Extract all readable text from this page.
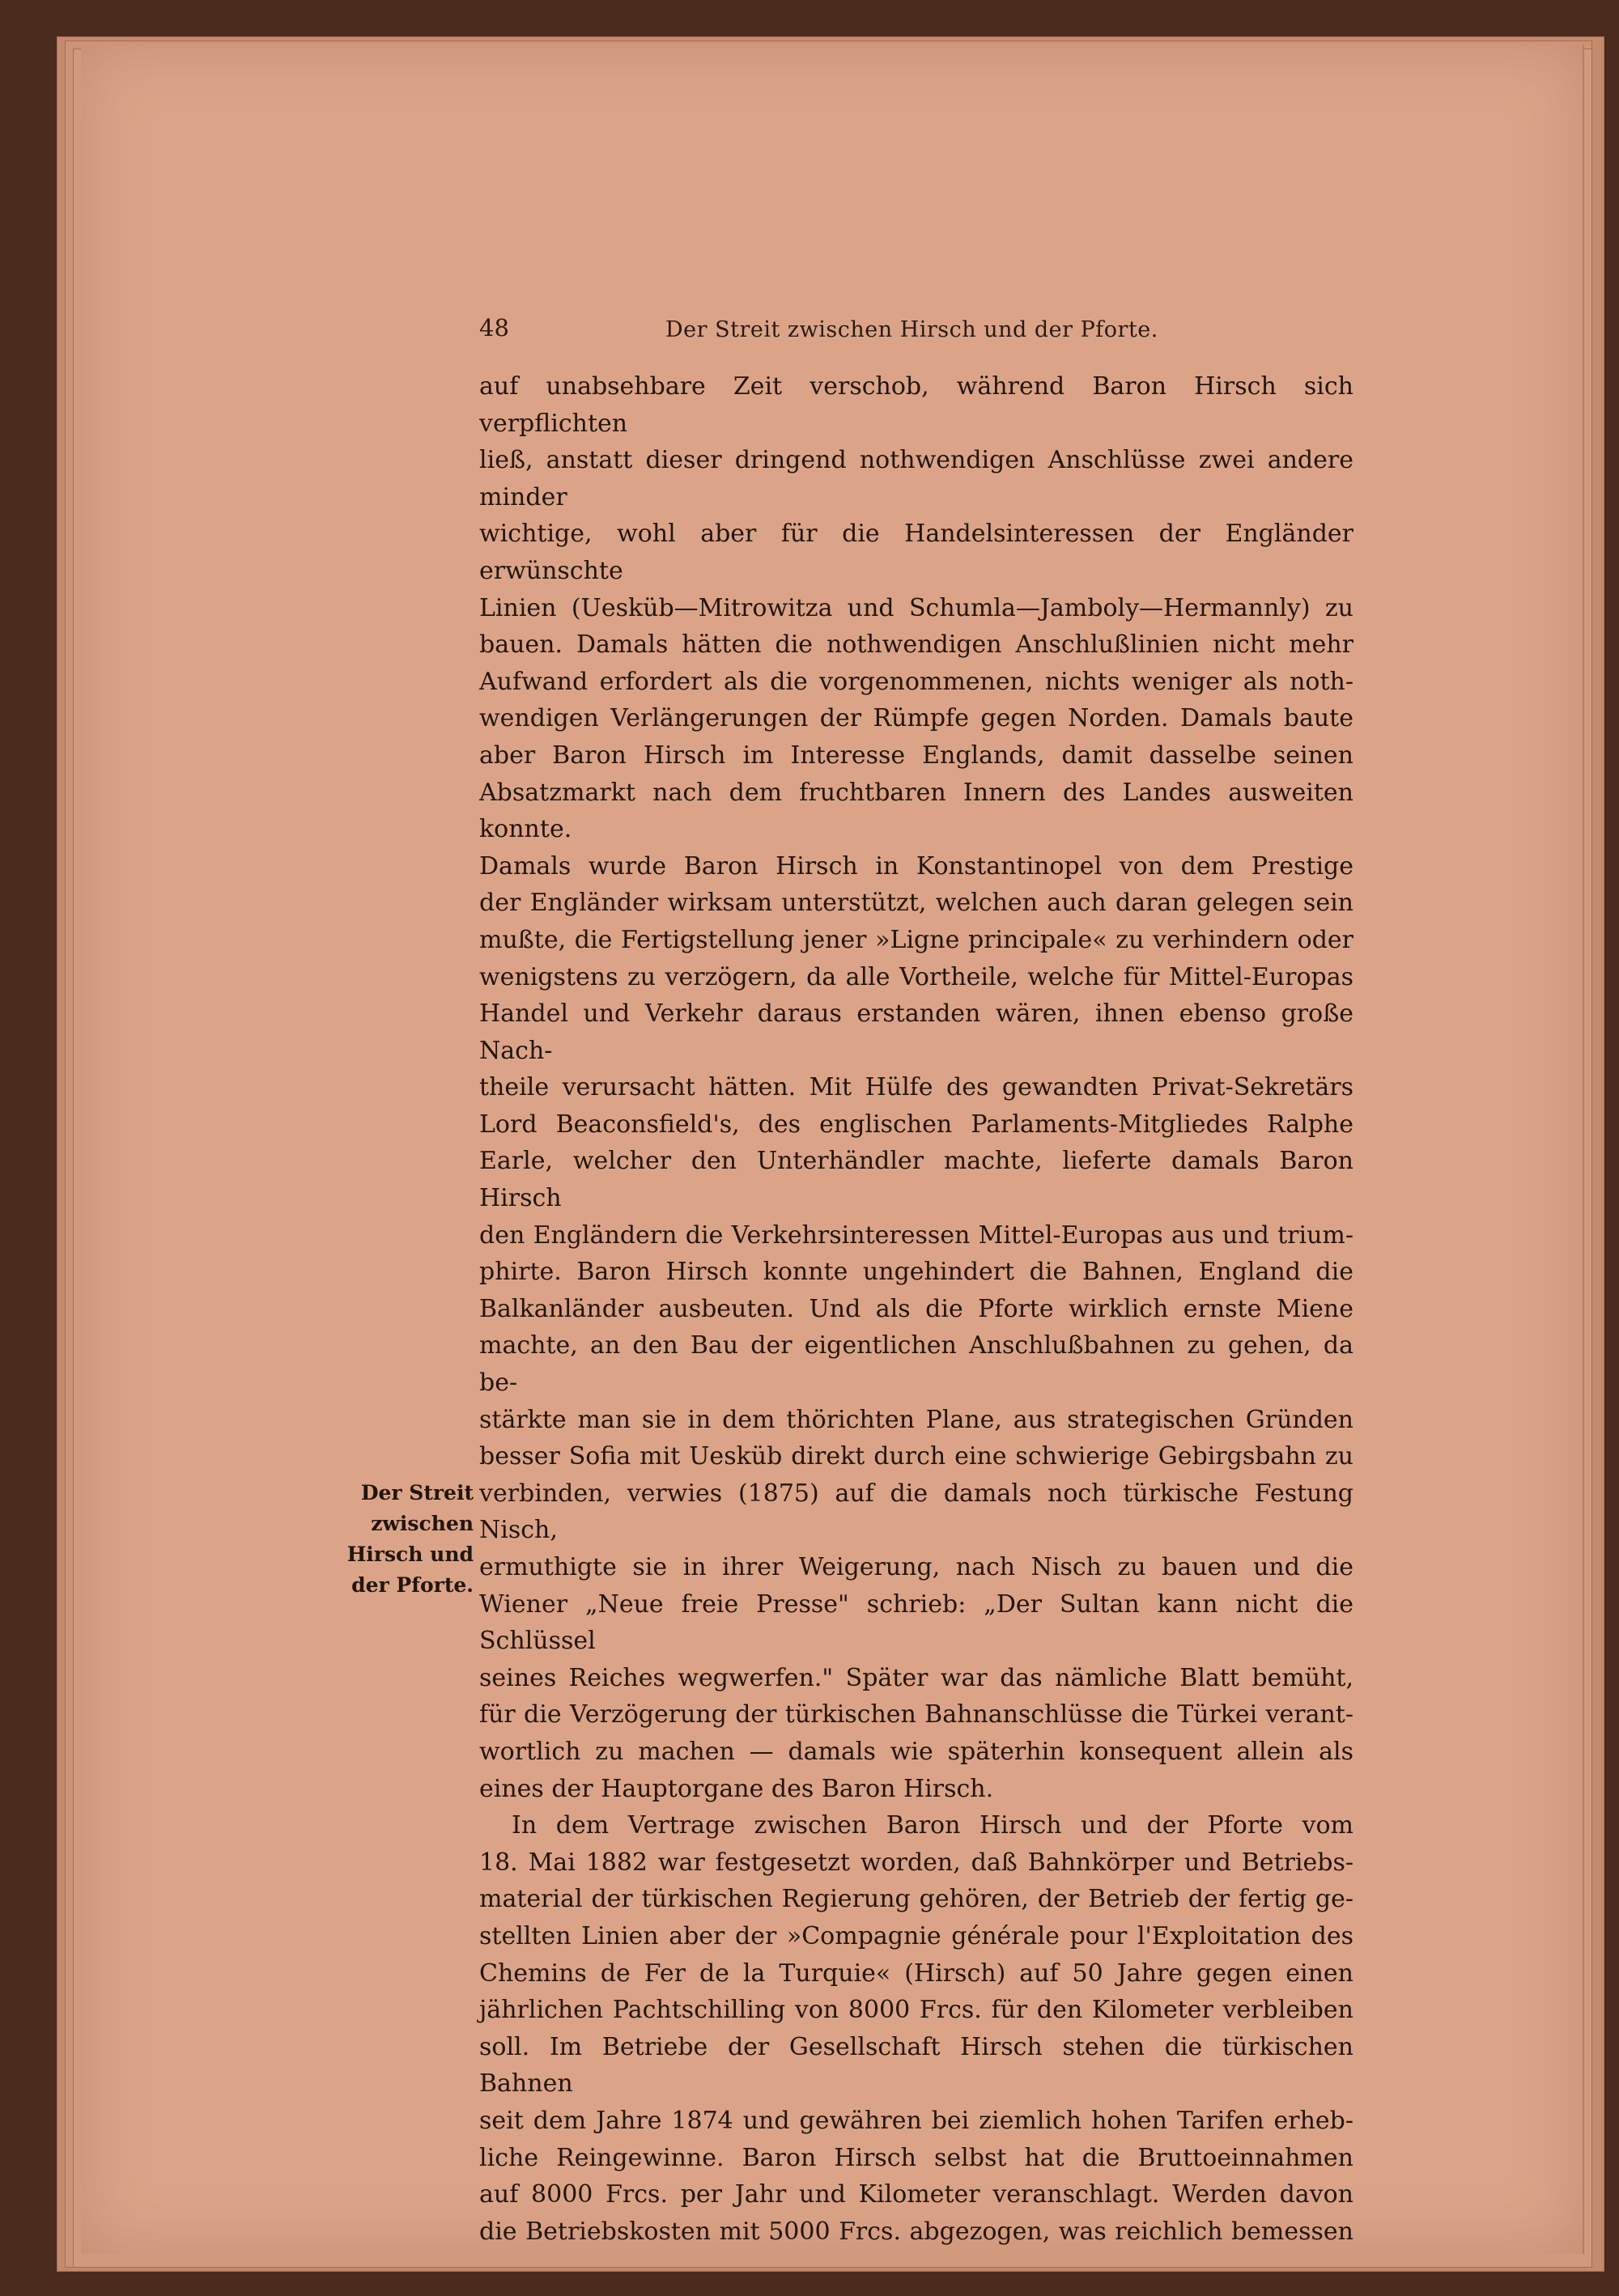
48	Der Streit zwischen Hirsch und der Pforte.
Der Streit
zwischen
Hirsch und
der Pforte.

auf unabsehbare Zeit verschob, während Baron Hirsch sich verpflichten

ließ, anstatt dieser dringend nothwendigen Anschlüsse zwei andere minder

wichtige, wohl aber für die Handelsinteressen der Engländer erwünschte

Linien (Uesküb—Mitrowitza und Schumla—Jamboly—Hermannly) zu

bauen. Damals hätten die nothwendigen Anschlußlinien nicht mehr

Aufwand erfordert als die vorgenommenen, nichts weniger als noth-

wendigen Verlängerungen der Rümpfe gegen Norden. Damals baute

aber Baron Hirsch im Interesse Englands, damit dasselbe seinen

Absatzmarkt nach dem fruchtbaren Innern des Landes ausweiten konnte.

Damals wurde Baron Hirsch in Konstantinopel von dem Prestige

der Engländer wirksam unterstützt, welchen auch daran gelegen sein

mußte, die Fertigstellung jener »Ligne principale« zu verhindern oder

wenigstens zu verzögern, da alle Vortheile, welche für Mittel-Europas

Handel und Verkehr daraus erstanden wären, ihnen ebenso große Nach-

theile verursacht hätten. Mit Hülfe des gewandten Privat-Sekretärs

Lord Beaconsfield's, des englischen Parlaments-Mitgliedes Ralphe

Earle, welcher den Unterhändler machte, lieferte damals Baron Hirsch

den Engländern die Verkehrsinteressen Mittel-Europas aus und trium-

phirte. Baron Hirsch konnte ungehindert die Bahnen, England die

Balkanländer ausbeuten. Und als die Pforte wirklich ernste Miene

machte, an den Bau der eigentlichen Anschlußbahnen zu gehen, da be-

stärkte man sie in dem thörichten Plane, aus strategischen Gründen

besser Sofia mit Uesküb direkt durch eine schwierige Gebirgsbahn zu

verbinden, verwies (1875) auf die damals noch türkische Festung Nisch,

ermuthigte sie in ihrer Weigerung, nach Nisch zu bauen und die

Wiener „Neue freie Presse" schrieb: „Der Sultan kann nicht die Schlüssel

seines Reiches wegwerfen." Später war das nämliche Blatt bemüht,

für die Verzögerung der türkischen Bahnanschlüsse die Türkei verant-

wortlich zu machen — damals wie späterhin konsequent allein als

eines der Hauptorgane des Baron Hirsch.

In dem Vertrage zwischen Baron Hirsch und der Pforte vom

18. Mai 1882 war festgesetzt worden, daß Bahnkörper und Betriebs-

material der türkischen Regierung gehören, der Betrieb der fertig ge-

stellten Linien aber der »Compagnie générale pour l'Exploitation des

Chemins de Fer de la Turquie« (Hirsch) auf 50 Jahre gegen einen

jährlichen Pachtschilling von 8000 Frcs. für den Kilometer verbleiben

soll. Im Betriebe der Gesellschaft Hirsch stehen die türkischen Bahnen

seit dem Jahre 1874 und gewähren bei ziemlich hohen Tarifen erheb-

liche Reingewinne. Baron Hirsch selbst hat die Bruttoeinnahmen

auf 8000 Frcs. per Jahr und Kilometer veranschlagt. Werden davon

die Betriebskosten mit 5000 Frcs. abgezogen, was reichlich bemessen
